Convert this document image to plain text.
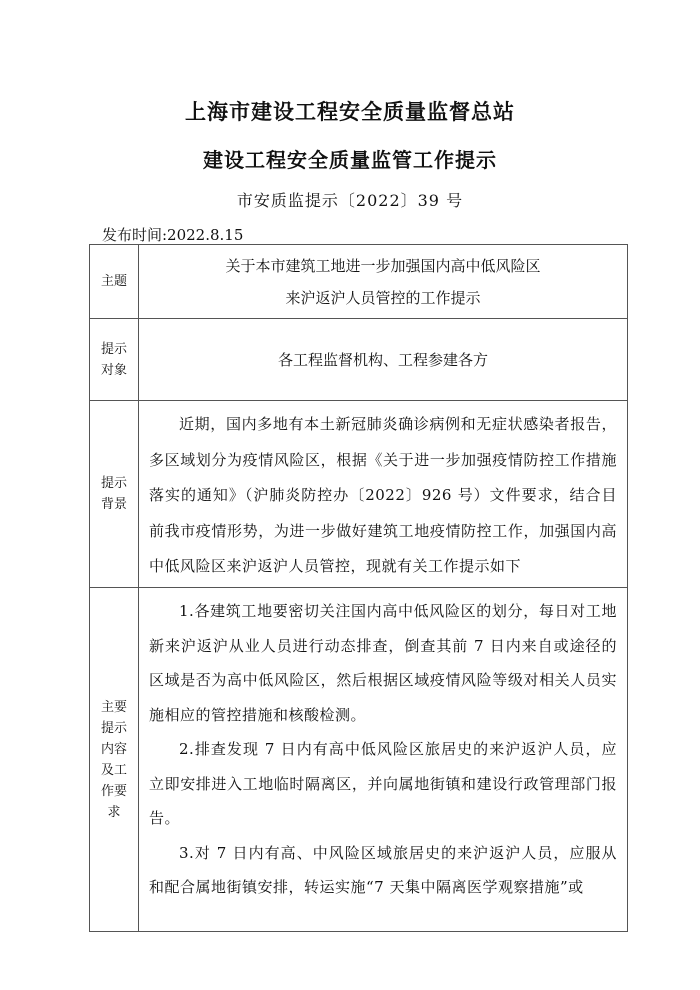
上海市建设工程安全质量监督总站
建设工程安全质量监管工作提示
市安质监提示〔2022〕39 号
发布时间:2022.8.15
主题	关于本市建筑工地进一步加强国内高中低风险区
来沪返沪人员管控的工作提示

提示对象	各工程监督机构、工程参建各方

提示背景	近期，国内多地有本土新冠肺炎确诊病例和无症状感染者报告，多区域划分为疫情风险区，根据《关于进一步加强疫情防控工作措施落实的通知》（沪肺炎防控办〔2022〕926 号）文件要求，结合目前我市疫情形势，为进一步做好建筑工地疫情防控工作，加强国内高中低风险区来沪返沪人员管控，现就有关工作提示如下

主要提示内容及工作要求	1.各建筑工地要密切关注国内高中低风险区的划分，每日对工地新来沪返沪从业人员进行动态排查，倒查其前 7 日内来自或途径的区域是否为高中低风险区，然后根据区域疫情风险等级对相关人员实施相应的管控措施和核酸检测。

2.排查发现 7 日内有高中低风险区旅居史的来沪返沪人员，应立即安排进入工地临时隔离区，并向属地街镇和建设行政管理部门报告。

3.对 7 日内有高、中风险区域旅居史的来沪返沪人员，应服从和配合属地街镇安排，转运实施“7 天集中隔离医学观察措施”或
